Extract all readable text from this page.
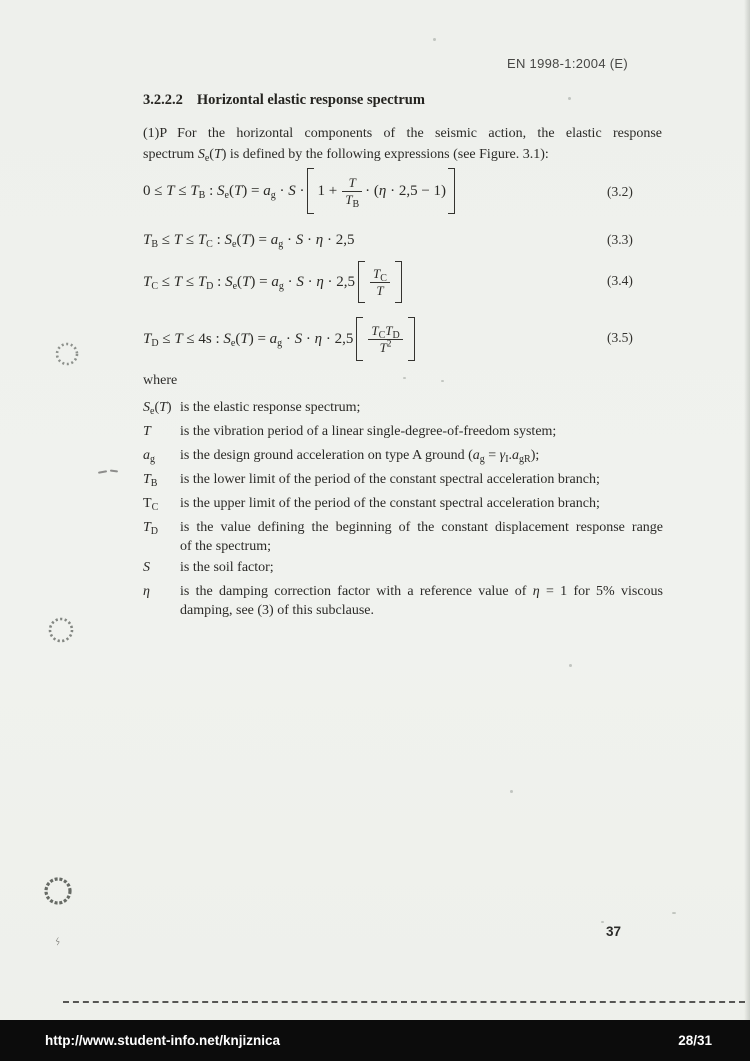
EN 1998-1:2004 (E)
3.2.2.2 Horizontal elastic response spectrum
(1)P For the horizontal components of the seismic action, the elastic response
spectrum $S_e(T)$ is defined by the following expressions (see Figure. 3.1):
$0 \le T \le T_B$ : $S_e(T) = a_g \cdot S \cdot 1 + \frac{T}{T_B} \cdot (\eta \cdot 2,5 - 1)$	(3.2)
$T_B \le T \le T_C$ : $S_e(T) = a_g \cdot S \cdot \eta \cdot 2,5$	(3.3)
$T_C \le T \le T_D$ : $S_e(T) = a_g \cdot S \cdot \eta \cdot 2,5 \frac{T_C}{T}$	(3.4)
$T_D \le T \le 4s$ : $S_e(T) = a_g \cdot S \cdot \eta \cdot 2,5 \frac{T_CT_D}{T^2}$	(3.5)
where
$S_e(T)$ is the elastic response spectrum;
T	is the vibration period of a linear single-degree-of-freedom system;
$a_g$	is the design ground acceleration on type A ground $(a_g = \gamma_I.a_{gR})$;
$T_B$	is the lower limit of the period of the constant spectral acceleration branch;
$T_C$	is the upper limit of the period of the constant spectral acceleration branch;
$T_D$	is the value defining the beginning of the constant displacement response range
of the spectrum;
S	is the soil factor;
η	is the damping correction factor with a reference value of η = 1 for 5% viscous
damping, see (3) of this subclause.
37
ϟ
http://www.student-info.net/knjiznica	28/31
